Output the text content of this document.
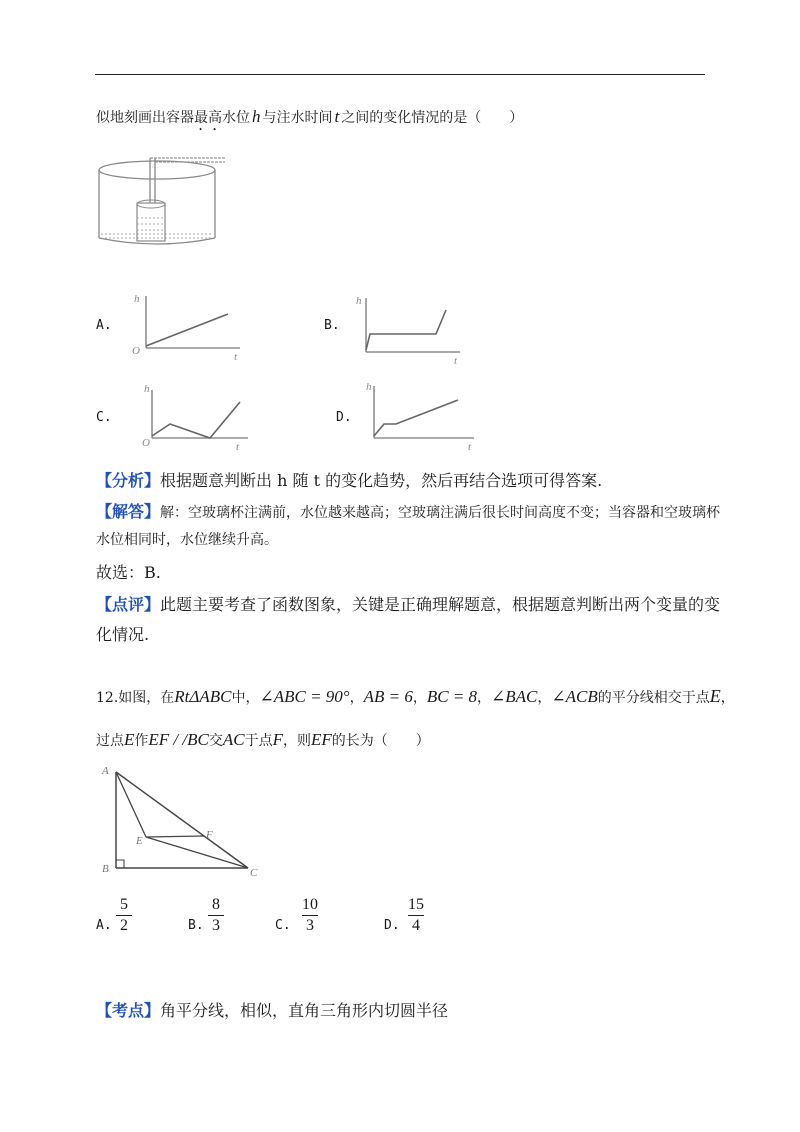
似地刻画出容器最高水位 h 与注水时间 t 之间的变化情况的是（　　）
A.
h
O	t
B.
h
t
C.
h
O	t
D.
h
t
【分析】根据题意判断出 h 随 t 的变化趋势，然后再结合选项可得答案.
【解答】解：空玻璃杯注满前，水位越来越高；空玻璃注满后很长时间高度不变；当容器和空玻璃杯
水位相同时，水位继续升高。
故选：B.
【点评】此题主要考查了函数图象，关键是正确理解题意，根据题意判断出两个变量的变
化情况.
12.如图，在RtΔABC中，∠ABC = 90°，AB = 6，BC = 8，∠BAC，∠ACB的平分线相交于点E，
过点E作EF / /BC交AC于点F，则EF的长为（　　）
A
B	C
E	F
A.
5
2	B.
8
3	C.
10
3	D.
15
4
【考点】角平分线，相似，直角三角形内切圆半径
